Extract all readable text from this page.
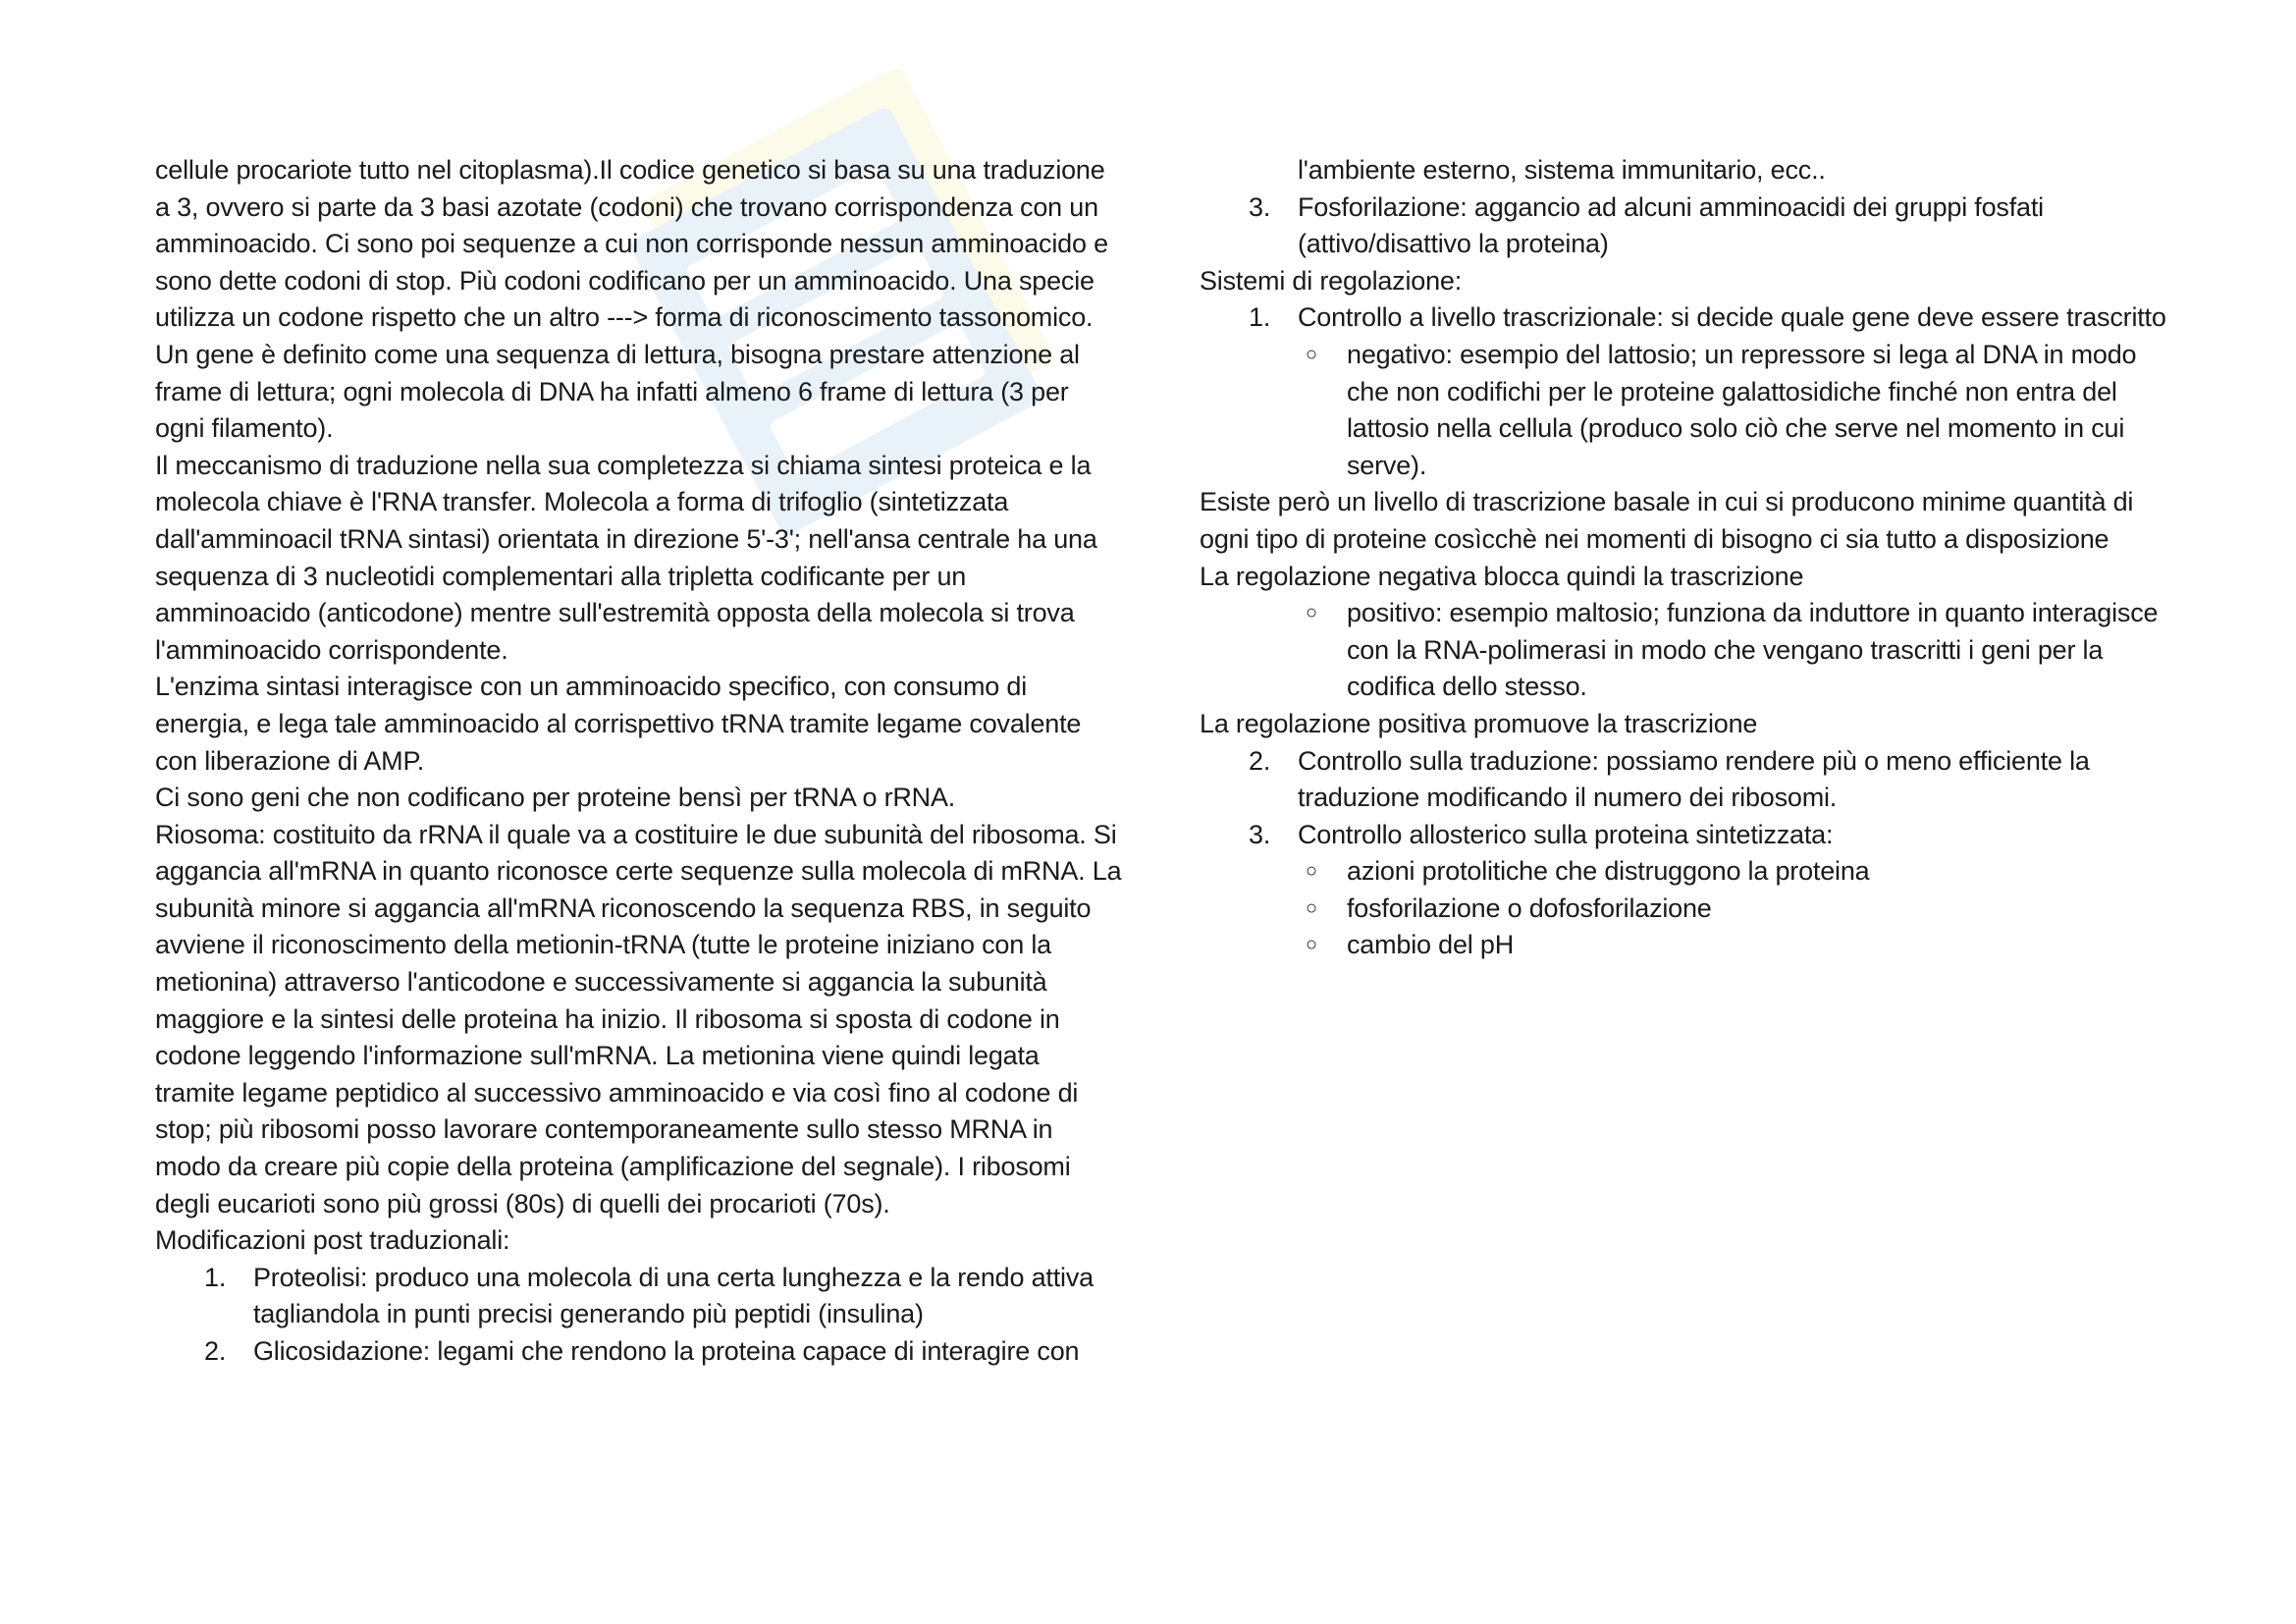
cellule procariote tutto nel citoplasma).Il codice genetico si basa su una traduzione a 3, ovvero si parte da 3 basi azotate (codoni) che trovano corrispondenza con un amminoacido. Ci sono poi sequenze a cui non corrisponde nessun amminoacido e sono dette codoni di stop. Più codoni codificano per un amminoacido. Una specie utilizza un codone rispetto che un altro ---> forma di riconoscimento tassonomico.

Un gene è definito come una sequenza di lettura, bisogna prestare attenzione al frame di lettura; ogni molecola di DNA ha infatti almeno 6 frame di lettura (3 per ogni filamento).

Il meccanismo di traduzione nella sua completezza si chiama sintesi proteica e la molecola chiave è l'RNA transfer. Molecola a forma di trifoglio (sintetizzata dall'amminoacil tRNA sintasi) orientata in direzione 5'-3'; nell'ansa centrale ha una sequenza di 3 nucleotidi complementari alla tripletta codificante per un amminoacido (anticodone) mentre sull'estremità opposta della molecola si trova l'amminoacido corrispondente.

L'enzima sintasi interagisce con un amminoacido specifico, con consumo di energia, e lega tale amminoacido al corrispettivo tRNA tramite legame covalente con liberazione di AMP.

Ci sono geni che non codificano per proteine bensì per tRNA o rRNA.

Riosoma: costituito da rRNA il quale va a costituire le due subunità del ribosoma. Si aggancia all'mRNA in quanto riconosce certe sequenze sulla molecola di mRNA. La subunità minore si aggancia all'mRNA riconoscendo la sequenza RBS, in seguito avviene il riconoscimento della metionin-tRNA (tutte le proteine iniziano con la metionina) attraverso l'anticodone e successivamente si aggancia la subunità maggiore e la sintesi delle proteina ha inizio. Il ribosoma si sposta di codone in codone leggendo l'informazione sull'mRNA. La metionina viene quindi legata tramite legame peptidico al successivo amminoacido e via così fino al codone di stop; più ribosomi posso lavorare contemporaneamente sullo stesso MRNA in modo da creare più copie della proteina (amplificazione del segnale). I ribosomi degli eucarioti sono più grossi (80s) di quelli dei procarioti (70s).

Modificazioni post traduzionali:

1. Proteolisi: produco una molecola di una certa lunghezza e la rendo attiva tagliandola in punti precisi generando più peptidi (insulina)
2. Glicosidazione: legami che rendono la proteina capace di interagire con
l'ambiente esterno, sistema immunitario, ecc..
3. Fosforilazione: aggancio ad alcuni amminoacidi dei gruppi fosfati (attivo/disattivo la proteina)

Sistemi di regolazione:

1. Controllo a livello trascrizionale: si decide quale gene deve essere trascritto
○ negativo: esempio del lattosio; un repressore si lega al DNA in modo che non codifichi per le proteine galattosidiche finché non entra del lattosio nella cellula (produco solo ciò che serve nel momento in cui serve).

Esiste però un livello di trascrizione basale in cui si producono minime quantità di ogni tipo di proteine cosìcchè nei momenti di bisogno ci sia tutto a disposizione

La regolazione negativa blocca quindi la trascrizione

○ positivo: esempio maltosio; funziona da induttore in quanto interagisce con la RNA-polimerasi in modo che vengano trascritti i geni per la codifica dello stesso.

La regolazione positiva promuove la trascrizione

2. Controllo sulla traduzione: possiamo rendere più o meno efficiente la traduzione modificando il numero dei ribosomi.
3. Controllo allosterico sulla proteina sintetizzata:
○ azioni protolitiche che distruggono la proteina
○ fosforilazione o dofosforilazione
○ cambio del pH
